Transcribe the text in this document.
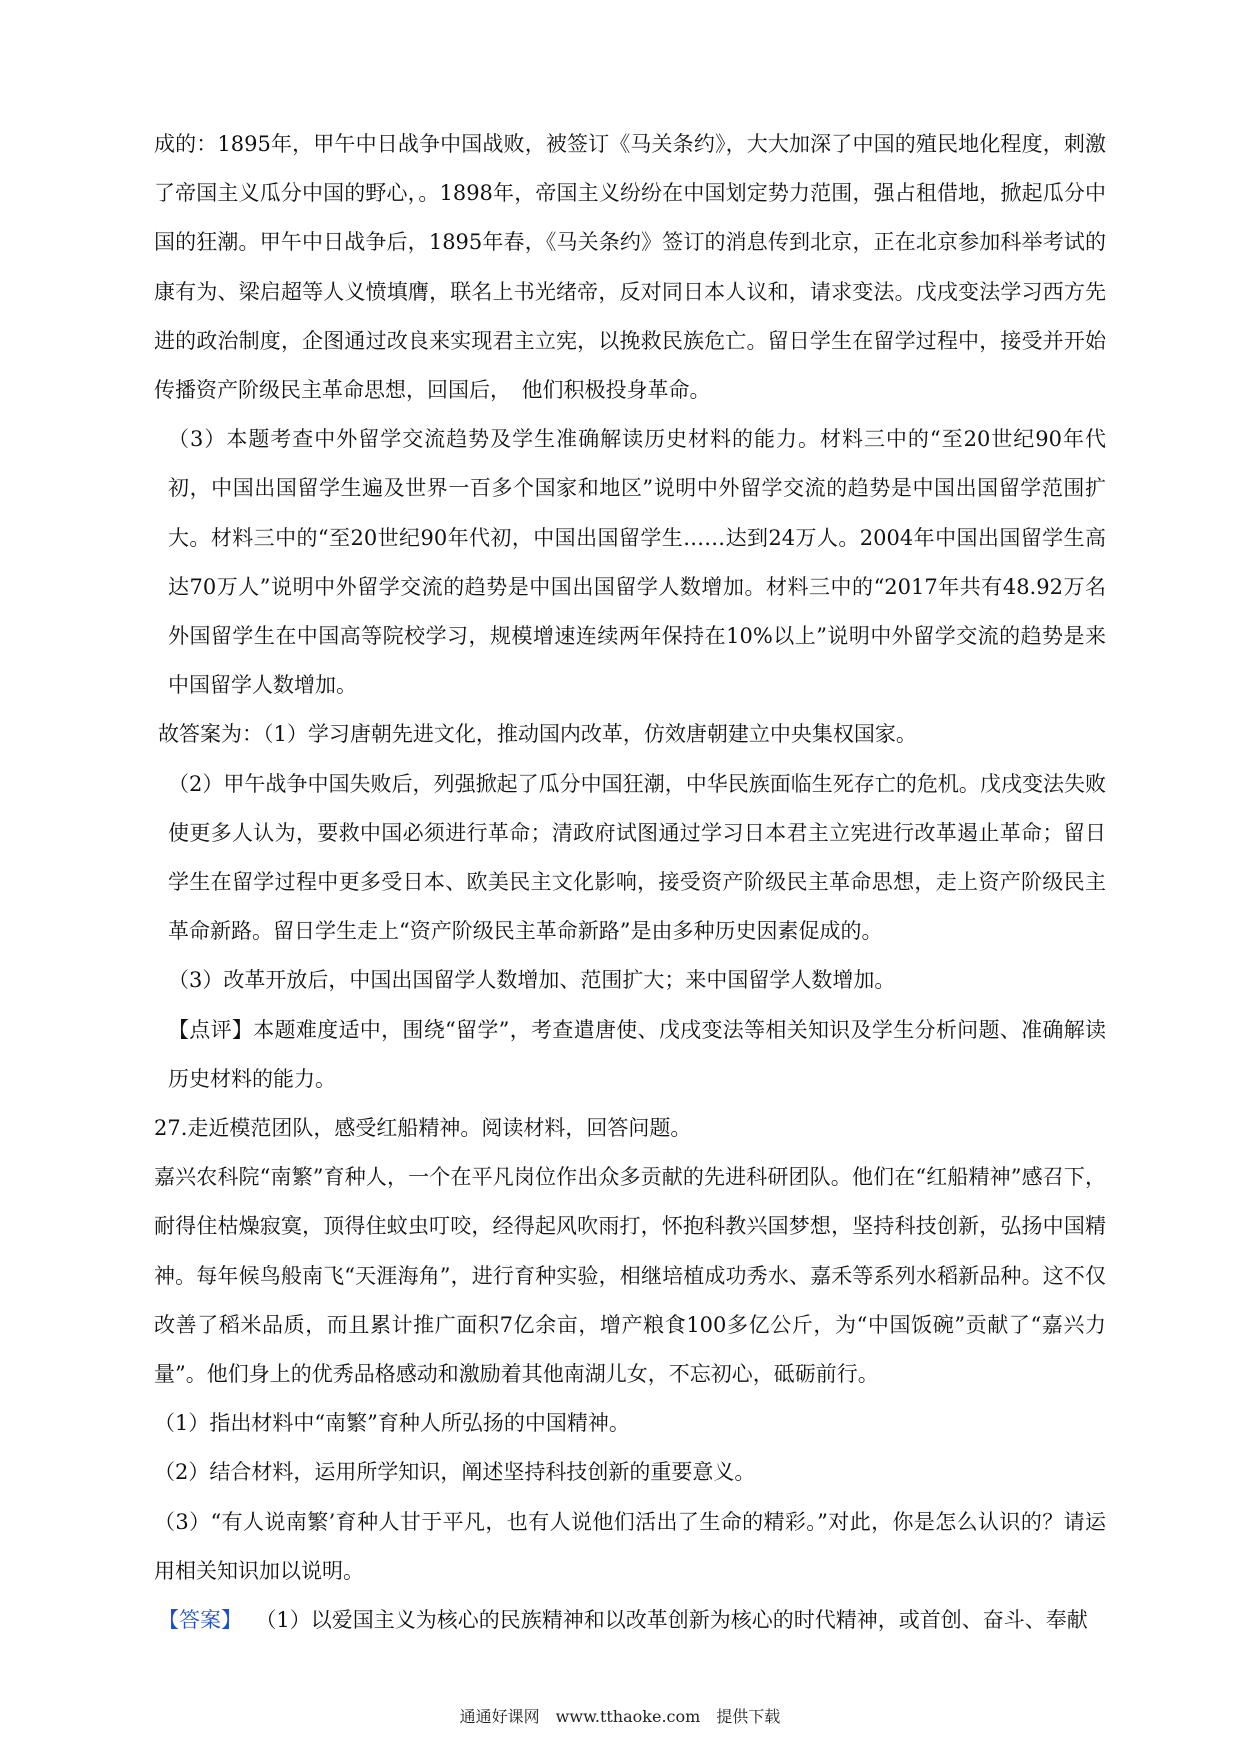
成的：1895年，甲午中日战争中国战败，被签订《马关条约》，大大加深了中国的殖民地化程度，刺激了帝国主义瓜分中国的野心，。1898年，帝国主义纷纷在中国划定势力范围，强占租借地，掀起瓜分中国的狂潮。甲午中日战争后，1895年春，《马关条约》签订的消息传到北京，正在北京参加科举考试的康有为、梁启超等人义愤填膺，联名上书光绪帝，反对同日本人议和，请求变法。戊戌变法学习西方先进的政治制度，企图通过改良来实现君主立宪，以挽救民族危亡。留日学生在留学过程中，接受并开始传播资产阶级民主革命思想，回国后，　他们积极投身革命。

（3）本题考查中外留学交流趋势及学生准确解读历史材料的能力。材料三中的“至20世纪90年代初，中国出国留学生遍及世界一百多个国家和地区”说明中外留学交流的趋势是中国出国留学范围扩大。材料三中的“至20世纪90年代初，中国出国留学生……达到24万人。2004年中国出国留学生高达70万人”说明中外留学交流的趋势是中国出国留学人数增加。材料三中的“2017年共有48.92万名外国留学生在中国高等院校学习，规模增速连续两年保持在10%以上”说明中外留学交流的趋势是来中国留学人数增加。

故答案为：（1）学习唐朝先进文化，推动国内改革，仿效唐朝建立中央集权国家。

（2）甲午战争中国失败后，列强掀起了瓜分中国狂潮，中华民族面临生死存亡的危机。戊戌变法失败使更多人认为，要救中国必须进行革命；清政府试图通过学习日本君主立宪进行改革遏止革命；留日学生在留学过程中更多受日本、欧美民主文化影响，接受资产阶级民主革命思想，走上资产阶级民主革命新路。留日学生走上“资产阶级民主革命新路”是由多种历史因素促成的。

（3）改革开放后，中国出国留学人数增加、范围扩大；来中国留学人数增加。

【点评】本题难度适中，围绕“留学”，考查遣唐使、戊戌变法等相关知识及学生分析问题、准确解读历史材料的能力。

27.走近模范团队，感受红船精神。阅读材料，回答问题。

嘉兴农科院“南繁”育种人，一个在平凡岗位作出众多贡献的先进科研团队。他们在“红船精神”感召下，耐得住枯燥寂寞，顶得住蚊虫叮咬，经得起风吹雨打，怀抱科教兴国梦想，坚持科技创新，弘扬中国精神。每年候鸟般南飞“天涯海角”，进行育种实验，相继培植成功秀水、嘉禾等系列水稻新品种。这不仅改善了稻米品质，而且累计推广面积7亿余亩，增产粮食100多亿公斤，为“中国饭碗”贡献了“嘉兴力量”。他们身上的优秀品格感动和激励着其他南湖儿女，不忘初心，砥砺前行。

（1）指出材料中“南繁”育种人所弘扬的中国精神。

（2）结合材料，运用所学知识，阐述坚持科技创新的重要意义。

（3）“有人说南繁’育种人甘于平凡，也有人说他们活出了生命的精彩。”对此，你是怎么认识的？请运用相关知识加以说明。

【答案】 （1）以爱国主义为核心的民族精神和以改革创新为核心的时代精神，或首创、奋斗、奉献

通通好课网　www.tthaoke.com　提供下载
